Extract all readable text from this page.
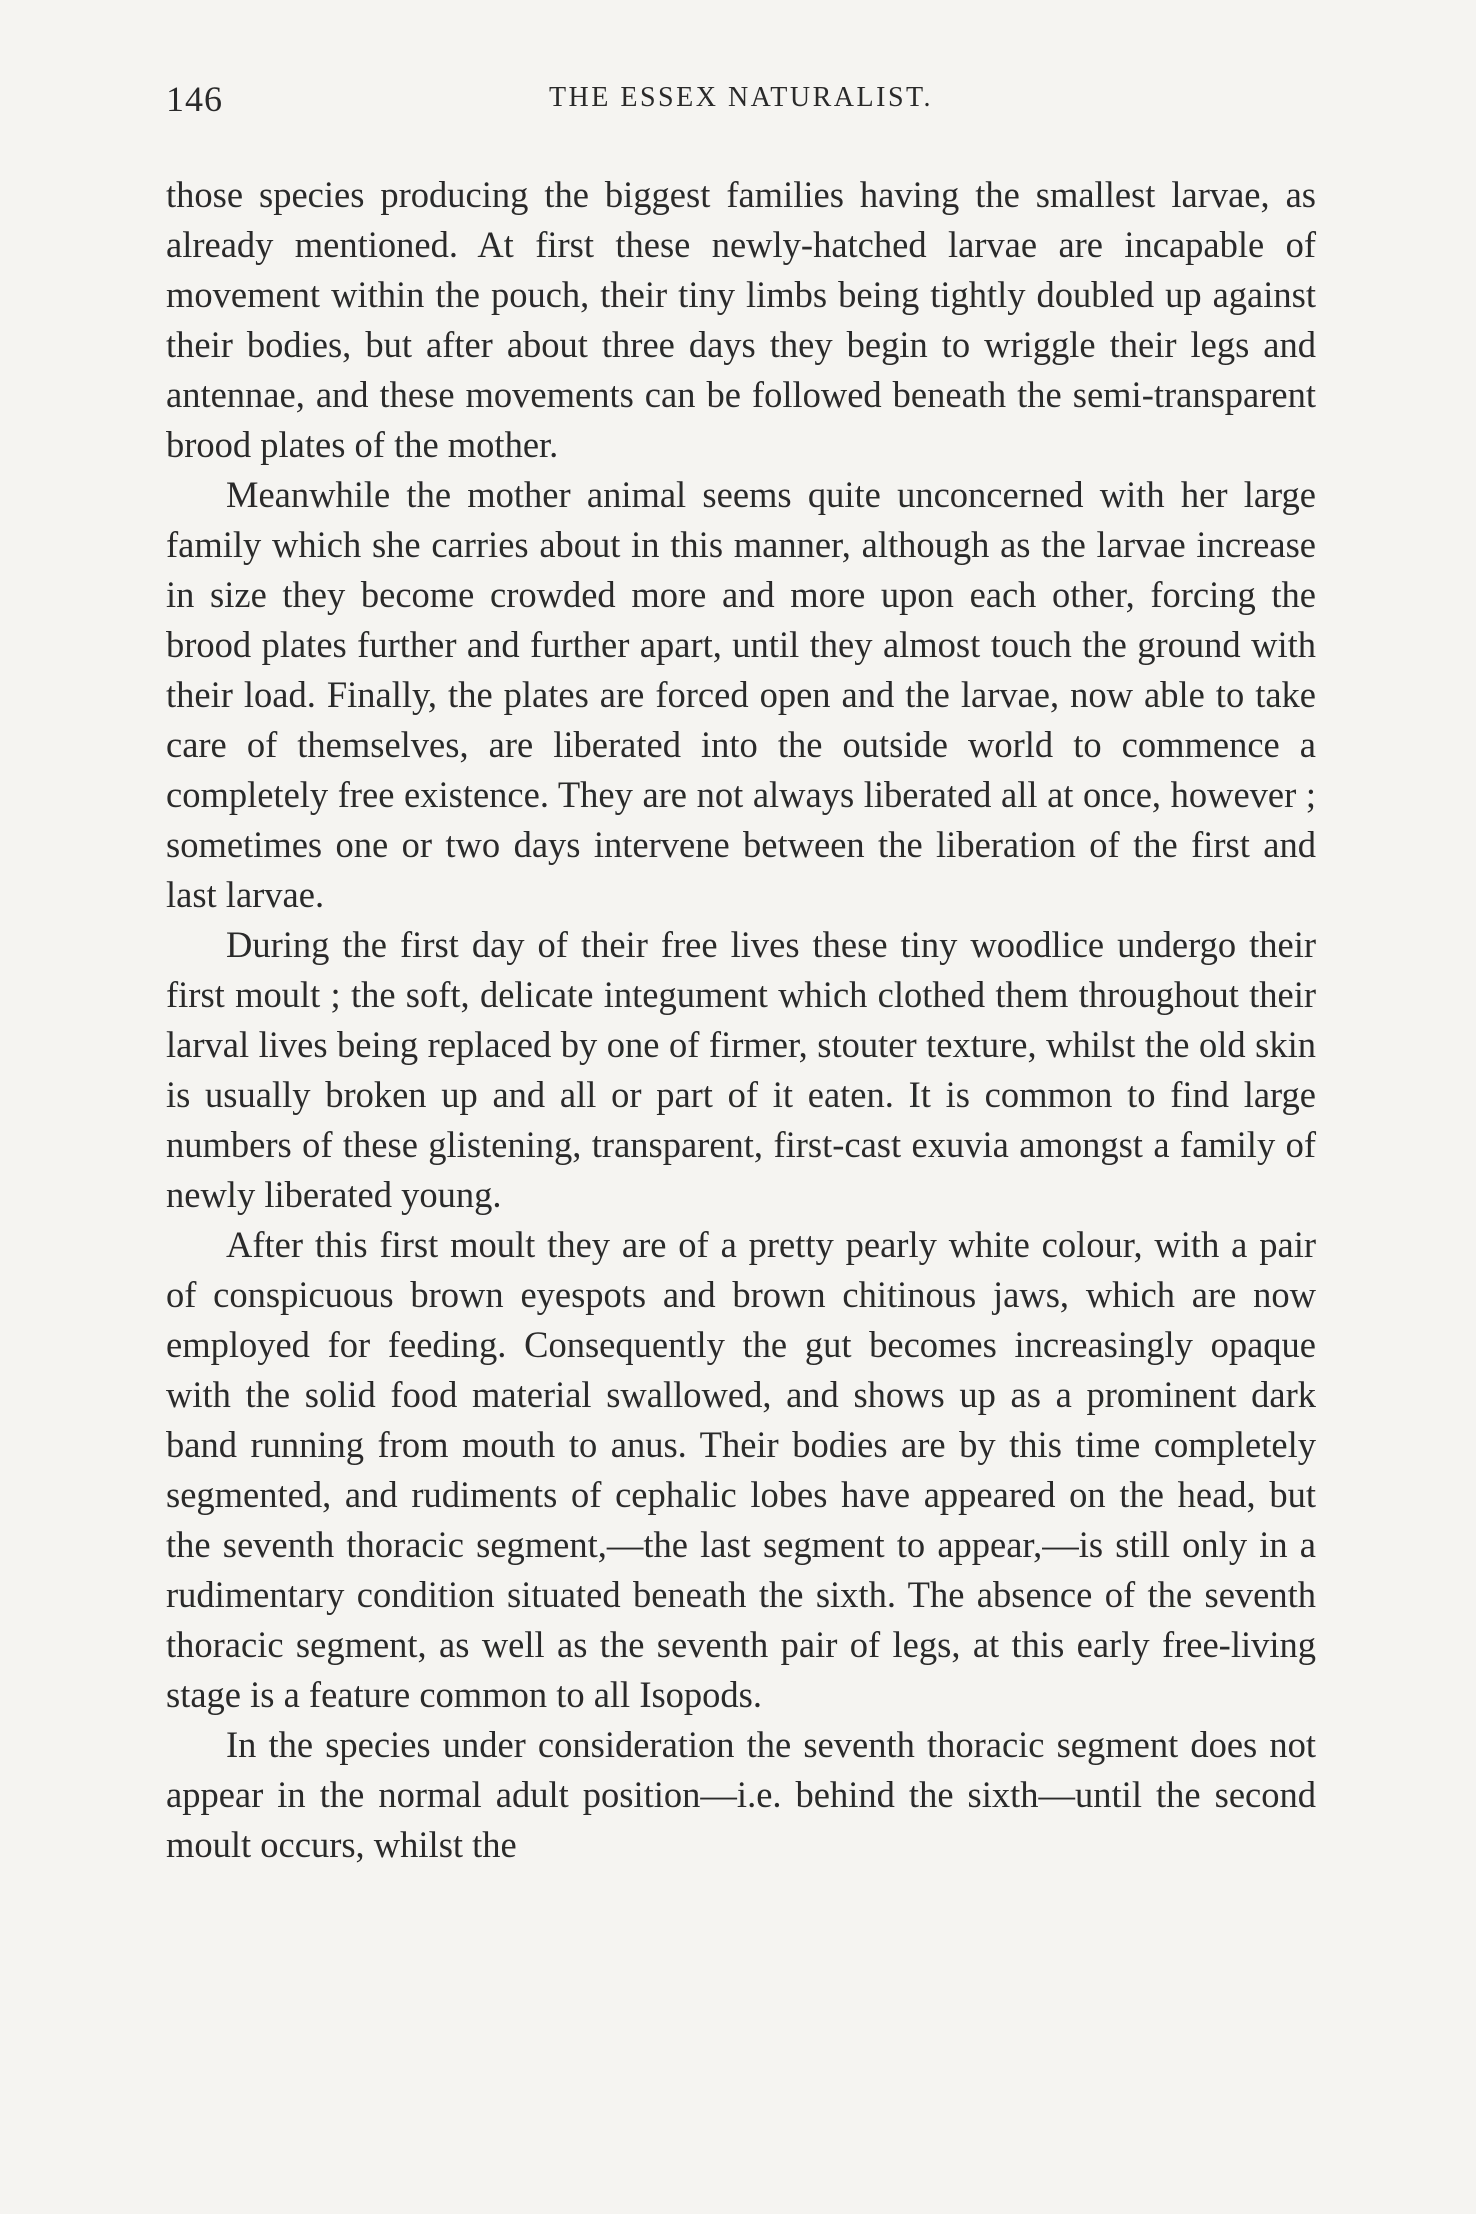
146	THE ESSEX NATURALIST.

those species producing the biggest families having the smallest larvae, as already mentioned. At first these newly-hatched larvae are incapable of movement within the pouch, their tiny limbs being tightly doubled up against their bodies, but after about three days they begin to wriggle their legs and antennae, and these movements can be followed beneath the semi-transparent brood plates of the mother.

Meanwhile the mother animal seems quite unconcerned with her large family which she carries about in this manner, although as the larvae increase in size they become crowded more and more upon each other, forcing the brood plates further and further apart, until they almost touch the ground with their load. Finally, the plates are forced open and the larvae, now able to take care of themselves, are liberated into the outside world to commence a completely free existence. They are not always liberated all at once, however ; sometimes one or two days intervene between the liberation of the first and last larvae.

During the first day of their free lives these tiny woodlice undergo their first moult ; the soft, delicate integument which clothed them throughout their larval lives being replaced by one of firmer, stouter texture, whilst the old skin is usually broken up and all or part of it eaten. It is common to find large numbers of these glistening, transparent, first-cast exuvia amongst a family of newly liberated young.

After this first moult they are of a pretty pearly white colour, with a pair of conspicuous brown eyespots and brown chitinous jaws, which are now employed for feeding. Consequently the gut becomes increasingly opaque with the solid food material swallowed, and shows up as a prominent dark band running from mouth to anus. Their bodies are by this time completely segmented, and rudiments of cephalic lobes have appeared on the head, but the seventh thoracic segment,—the last segment to appear,—is still only in a rudimentary condition situated beneath the sixth. The absence of the seventh thoracic segment, as well as the seventh pair of legs, at this early free-living stage is a feature common to all Isopods.

In the species under consideration the seventh thoracic segment does not appear in the normal adult position—i.e. behind the sixth—until the second moult occurs, whilst the
